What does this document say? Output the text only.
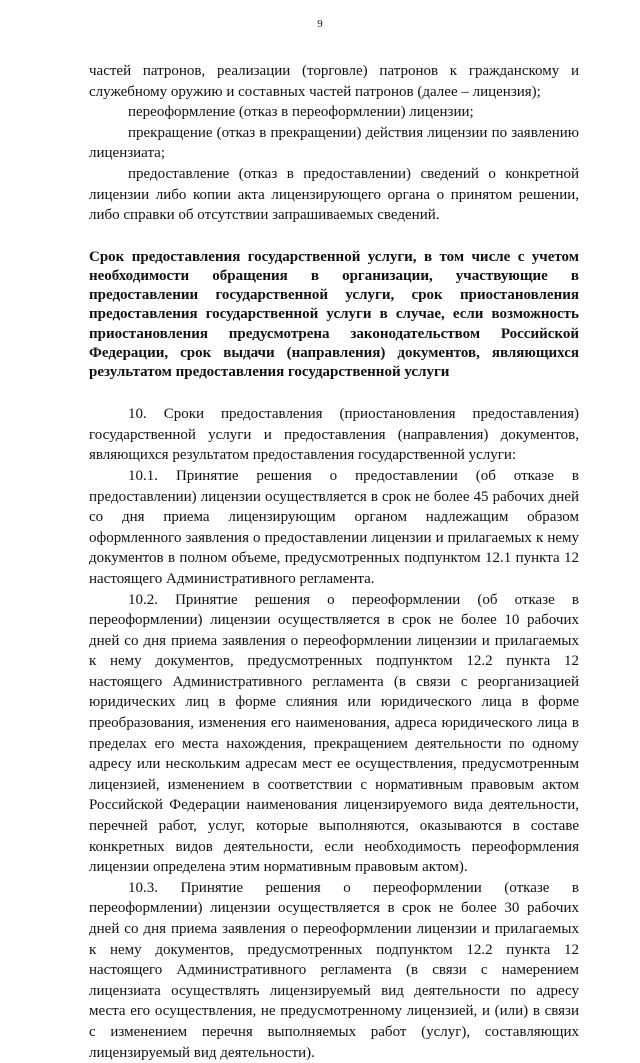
9

частей патронов, реализации (торговле) патронов к гражданскому и служебному оружию и составных частей патронов (далее – лицензия);

переоформление (отказ в переоформлении) лицензии;

прекращение (отказ в прекращении) действия лицензии по заявлению лицензиата;

предоставление (отказ в предоставлении) сведений о конкретной лицензии либо копии акта лицензирующего органа о принятом решении, либо справки об отсутствии запрашиваемых сведений.

Срок предоставления государственной услуги, в том числе с учетом необходимости обращения в организации, участвующие в предоставлении государственной услуги, срок приостановления предоставления государственной услуги в случае, если возможность приостановления предусмотрена законодательством Российской Федерации, срок выдачи (направления) документов, являющихся результатом предоставления государственной услуги

10. Сроки предоставления (приостановления предоставления) государственной услуги и предоставления (направления) документов, являющихся результатом предоставления государственной услуги:

10.1. Принятие решения о предоставлении (об отказе в предоставлении) лицензии осуществляется в срок не более 45 рабочих дней со дня приема лицензирующим органом надлежащим образом оформленного заявления о предоставлении лицензии и прилагаемых к нему документов в полном объеме, предусмотренных подпунктом 12.1 пункта 12 настоящего Административного регламента.

10.2. Принятие решения о переоформлении (об отказе в переоформлении) лицензии осуществляется в срок не более 10 рабочих дней со дня приема заявления о переоформлении лицензии и прилагаемых к нему документов, предусмотренных подпунктом 12.2 пункта 12 настоящего Административного регламента (в связи с реорганизацией юридических лиц в форме слияния или юридического лица в форме преобразования, изменения его наименования, адреса юридического лица в пределах его места нахождения, прекращением деятельности по одному адресу или нескольким адресам мест ее осуществления, предусмотренным лицензией, изменением в соответствии с нормативным правовым актом Российской Федерации наименования лицензируемого вида деятельности, перечней работ, услуг, которые выполняются, оказываются в составе конкретных видов деятельности, если необходимость переоформления лицензии определена этим нормативным правовым актом).

10.3. Принятие решения о переоформлении (отказе в переоформлении) лицензии осуществляется в срок не более 30 рабочих дней со дня приема заявления о переоформлении лицензии и прилагаемых к нему документов, предусмотренных подпунктом 12.2 пункта 12 настоящего Административного регламента (в связи с намерением лицензиата осуществлять лицензируемый вид деятельности по адресу места его осуществления, не предусмотренному лицензией, и (или) в связи с изменением перечня выполняемых работ (услуг), составляющих лицензируемый вид деятельности).
